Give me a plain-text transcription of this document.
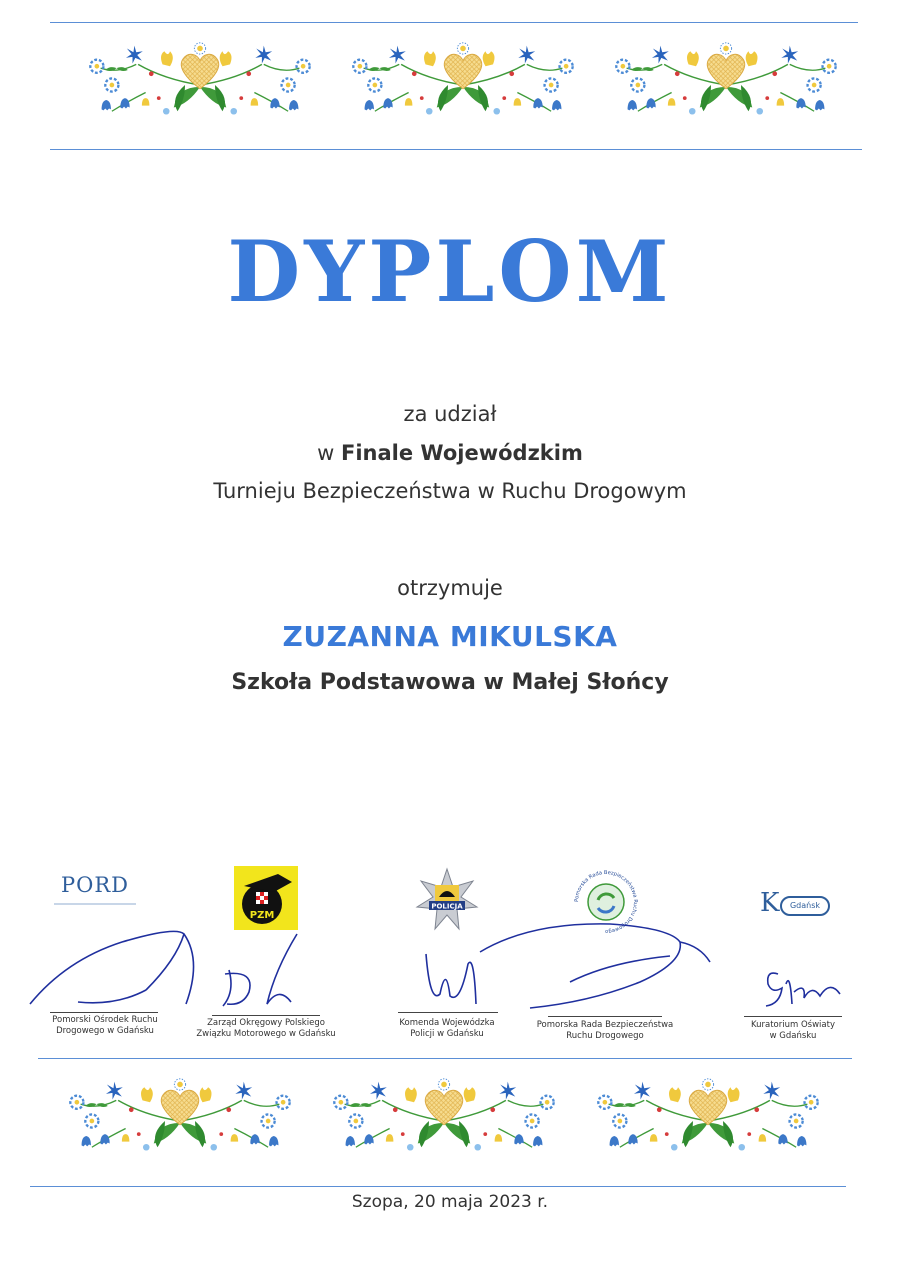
DYPLOM
za udział
w Finale Wojewódzkim
Turnieju Bezpieczeństwa w Ruchu Drogowym
otrzymuje
ZUZANNA MIKULSKA
Szkoła Podstawowa w Małej Słońcy
PORD
PZM
POLICJA
Pomorska Rada Bezpieczeństwa Ruchu Drogowego
K	Gdańsk
Pomorski Ośrodek Ruchu
Drogowego w Gdańsku
Zarząd Okręgowy Polskiego
Związku Motorowego w Gdańsku
Komenda Wojewódzka
Policji w Gdańsku
Pomorska Rada Bezpieczeństwa
Ruchu Drogowego
Kuratorium Oświaty
w Gdańsku
Szopa, 20 maja 2023 r.
